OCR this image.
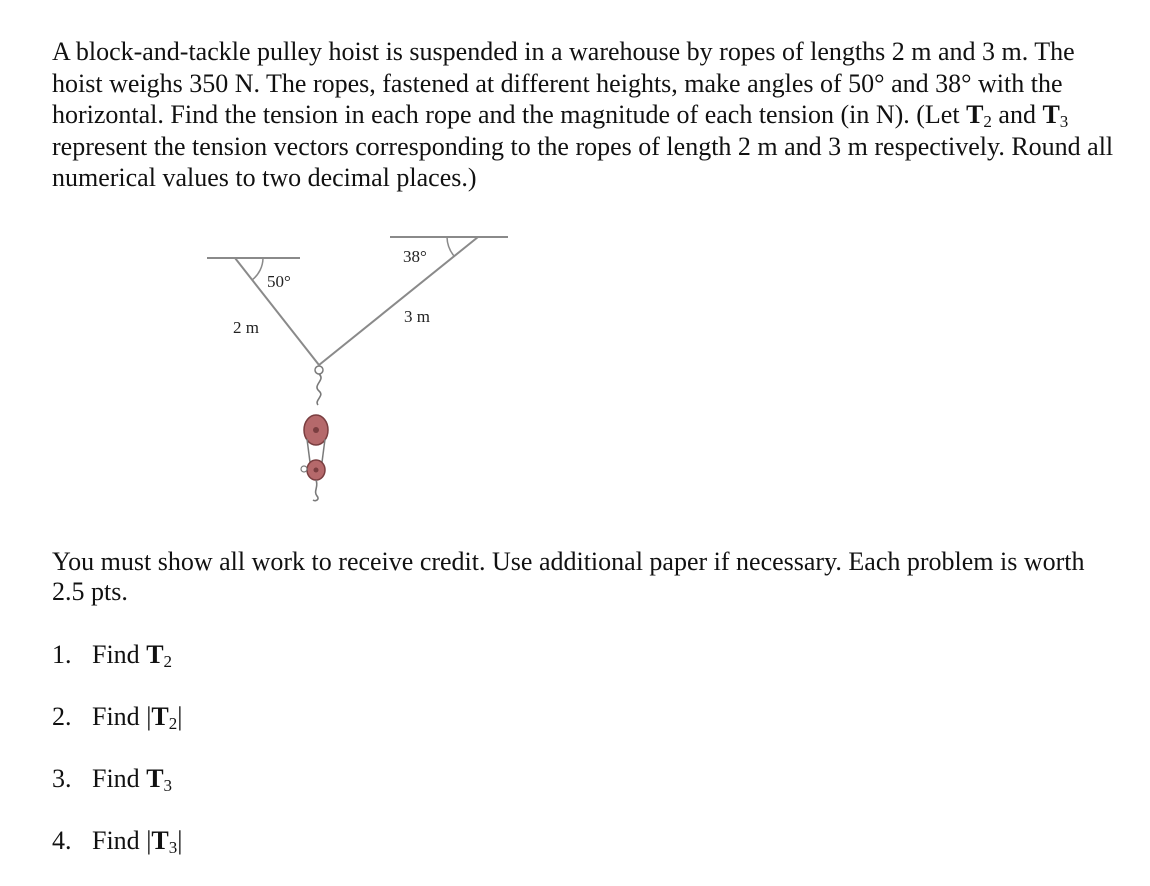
A block-and-tackle pulley hoist is suspended in a warehouse by ropes of lengths 2 m and 3 m. The hoist weighs 350 N. The ropes, fastened at different heights, make angles of 50° and 38° with the horizontal. Find the tension in each rope and the magnitude of each tension (in N). (Let $T_2$ and $T_3$ represent the tension vectors corresponding to the ropes of length 2 m and 3 m respectively. Round all numerical values to two decimal places.)

50°
38°
2 m
3 m

You must show all work to receive credit. Use additional paper if necessary. Each problem is worth 2.5 pts.

1. Find $T_2$
2. Find $|T_2|$
3. Find $T_3$
4. Find $|T_3|$
